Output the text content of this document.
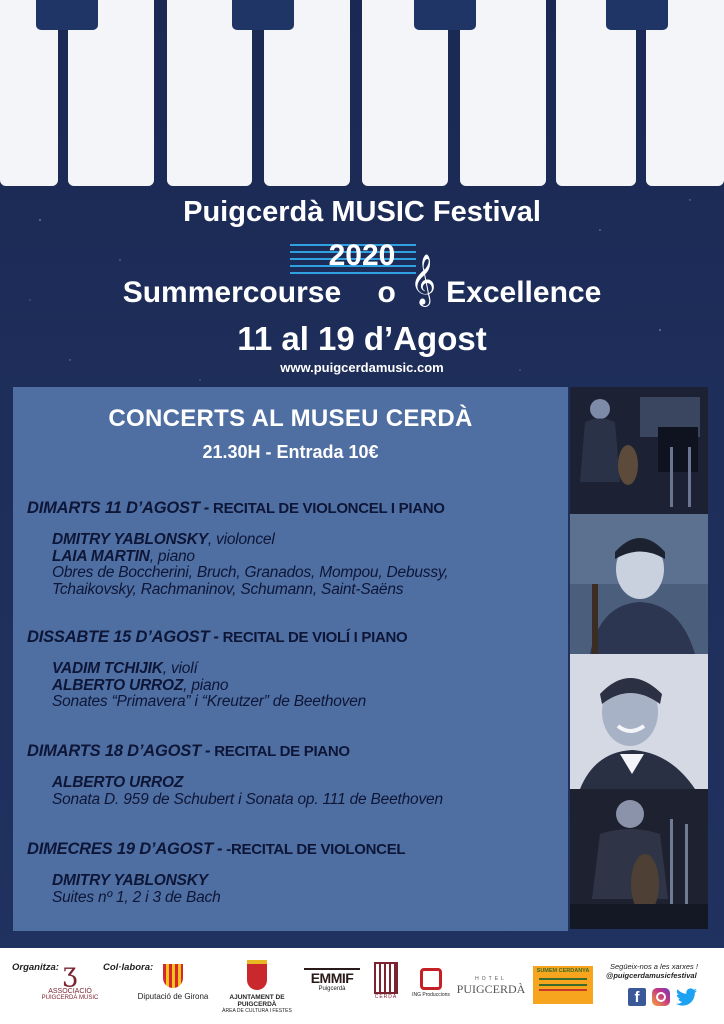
Puigcerdà MUSIC Festival
2020
Summercourse o Excellence
𝄞
11 al 19 d’Agost
www.puigcerdamusic.com
CONCERTS AL MUSEU CERDÀ
21.30H - Entrada 10€
DIMARTS 11 D’AGOST - RECITAL DE VIOLONCEL I PIANO
DMITRY YABLONSKY, violoncel
LAIA MARTIN, piano
Obres de Boccherini, Bruch, Granados, Mompou, Debussy,
Tchaikovsky, Rachmaninov, Schumann, Saint-Saëns
DISSABTE 15 D’AGOST - RECITAL DE VIOLÍ I PIANO
VADIM TCHIJIK, violí
ALBERTO URROZ, piano
Sonates “Primavera” i “Kreutzer” de Beethoven
DIMARTS 18 D’AGOST - RECITAL DE PIANO
ALBERTO URROZ
Sonata D. 959 de Schubert i Sonata op. 111 de Beethoven
DIMECRES 19 D’AGOST - -RECITAL DE VIOLONCEL
DMITRY YABLONSKY
Suites nº 1, 2 i 3 de Bach
Organitza:	Col·labora:
ʒ
ASSOCIACIÓ
PUIGCERDÀ MUSIC	Diputació de Girona	AJUNTAMENT DE PUIGCERDÀ
ÀREA DE CULTURA I FESTES
EMMIF
Puigcerdà
CERDÀ	ING Produccions
HOTEL
PUIGCERDÀ
SUMEM CERDANYA	Següeix-nos a les xarxes !
@puigcerdamusicfestival
f
